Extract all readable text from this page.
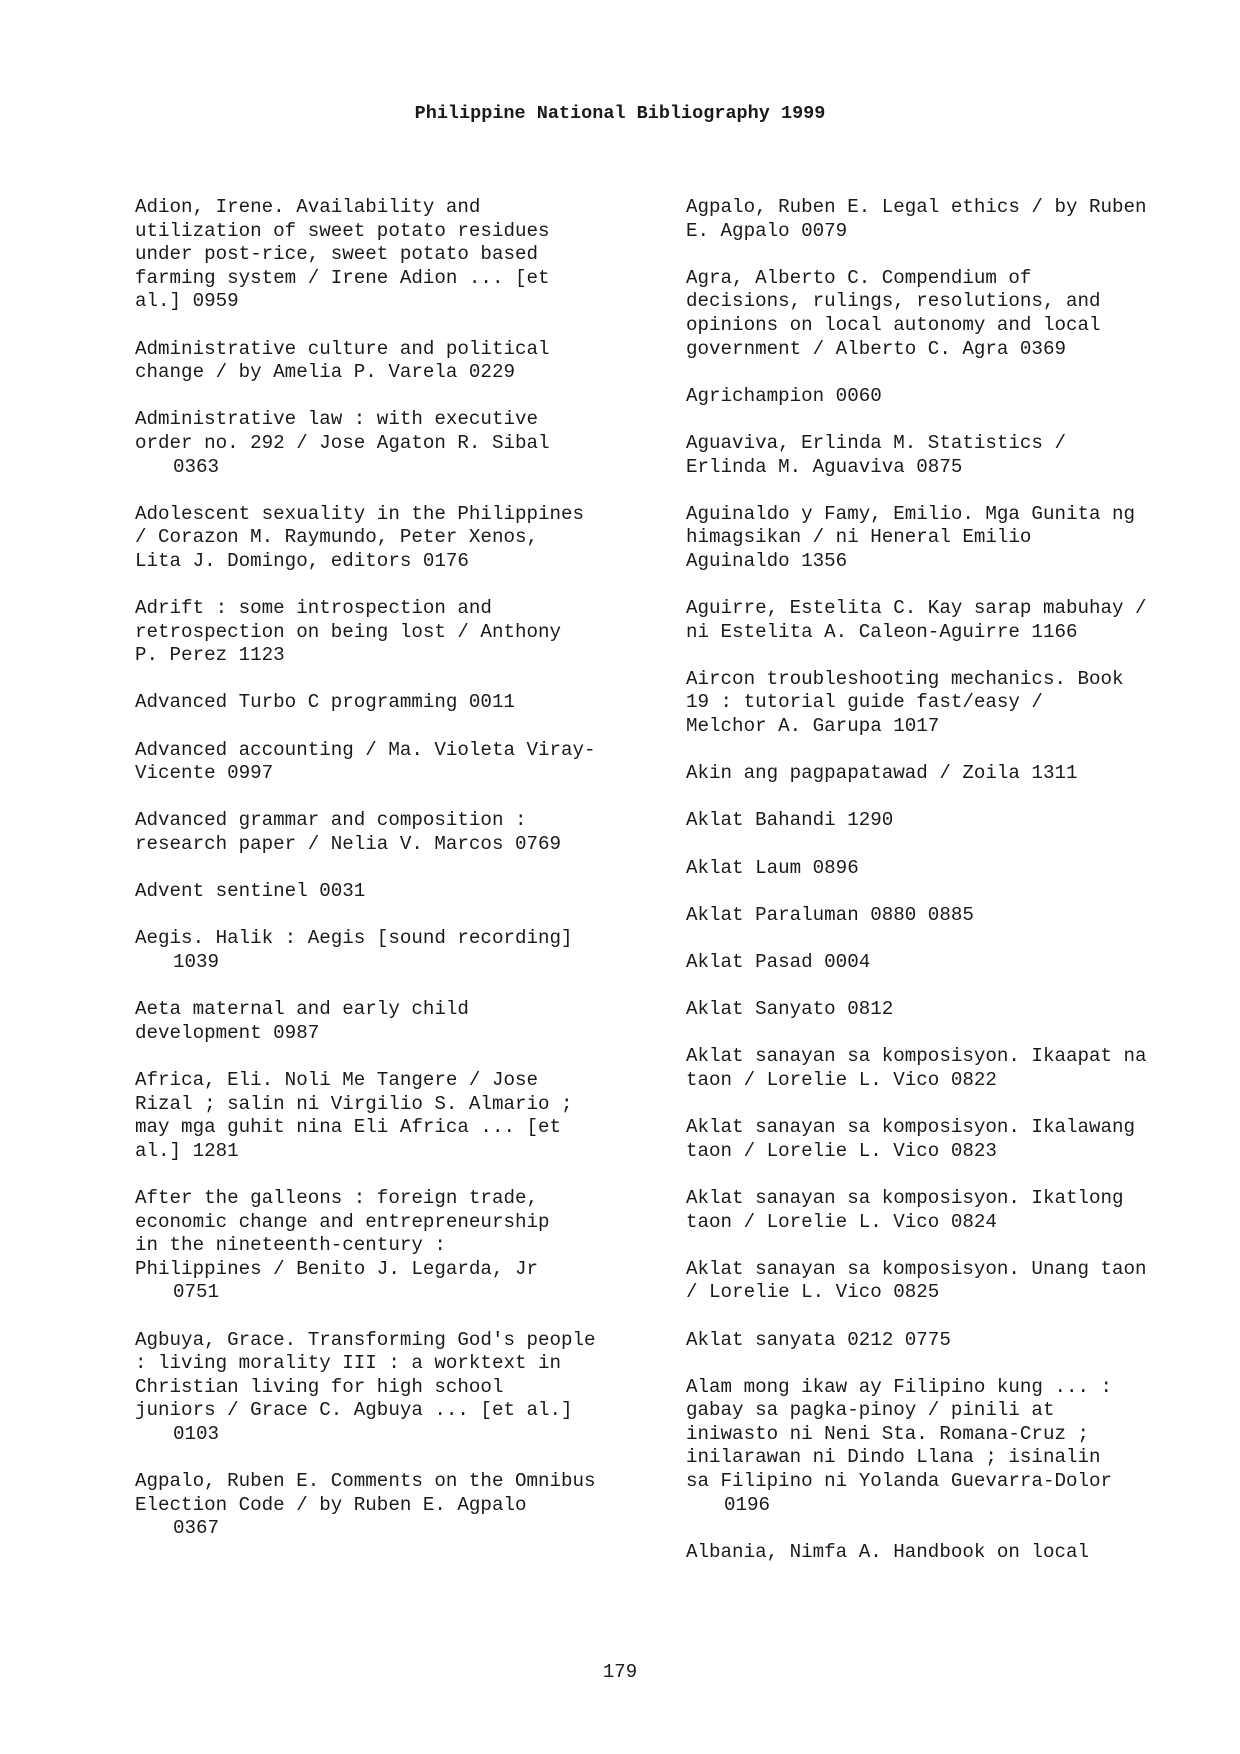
Philippine National Bibliography 1999

Adion, Irene. Availability and
utilization of sweet potato residues
under post-rice, sweet potato based
farming system / Irene Adion ... [et
al.] 0959

Administrative culture and political
change / by Amelia P. Varela 0229

Administrative law : with executive
order no. 292 / Jose Agaton R. Sibal
0363

Adolescent sexuality in the Philippines
/ Corazon M. Raymundo, Peter Xenos,
Lita J. Domingo, editors 0176

Adrift : some introspection and
retrospection on being lost / Anthony
P. Perez 1123

Advanced Turbo C programming 0011

Advanced accounting / Ma. Violeta Viray-
Vicente 0997

Advanced grammar and composition :
research paper / Nelia V. Marcos 0769

Advent sentinel 0031

Aegis. Halik : Aegis [sound recording]
1039

Aeta maternal and early child
development 0987

Africa, Eli. Noli Me Tangere / Jose
Rizal ; salin ni Virgilio S. Almario ;
may mga guhit nina Eli Africa ... [et
al.] 1281

After the galleons : foreign trade,
economic change and entrepreneurship
in the nineteenth-century :
Philippines / Benito J. Legarda, Jr
0751

Agbuya, Grace. Transforming God's people
: living morality III : a worktext in
Christian living for high school
juniors / Grace C. Agbuya ... [et al.]
0103

Agpalo, Ruben E. Comments on the Omnibus
Election Code / by Ruben E. Agpalo
0367

Agpalo, Ruben E. Legal ethics / by Ruben
E. Agpalo 0079

Agra, Alberto C. Compendium of
decisions, rulings, resolutions, and
opinions on local autonomy and local
government / Alberto C. Agra 0369

Agrichampion 0060

Aguaviva, Erlinda M. Statistics /
Erlinda M. Aguaviva 0875

Aguinaldo y Famy, Emilio. Mga Gunita ng
himagsikan / ni Heneral Emilio
Aguinaldo 1356

Aguirre, Estelita C. Kay sarap mabuhay /
ni Estelita A. Caleon-Aguirre 1166

Aircon troubleshooting mechanics. Book
19 : tutorial guide fast/easy /
Melchor A. Garupa 1017

Akin ang pagpapatawad / Zoila 1311

Aklat Bahandi 1290

Aklat Laum 0896

Aklat Paraluman 0880 0885

Aklat Pasad 0004

Aklat Sanyato 0812

Aklat sanayan sa komposisyon. Ikaapat na
taon / Lorelie L. Vico 0822

Aklat sanayan sa komposisyon. Ikalawang
taon / Lorelie L. Vico 0823

Aklat sanayan sa komposisyon. Ikatlong
taon / Lorelie L. Vico 0824

Aklat sanayan sa komposisyon. Unang taon
/ Lorelie L. Vico 0825

Aklat sanyata 0212 0775

Alam mong ikaw ay Filipino kung ... :
gabay sa pagka-pinoy / pinili at
iniwasto ni Neni Sta. Romana-Cruz ;
inilarawan ni Dindo Llana ; isinalin
sa Filipino ni Yolanda Guevarra-Dolor
0196

Albania, Nimfa A. Handbook on local

179
